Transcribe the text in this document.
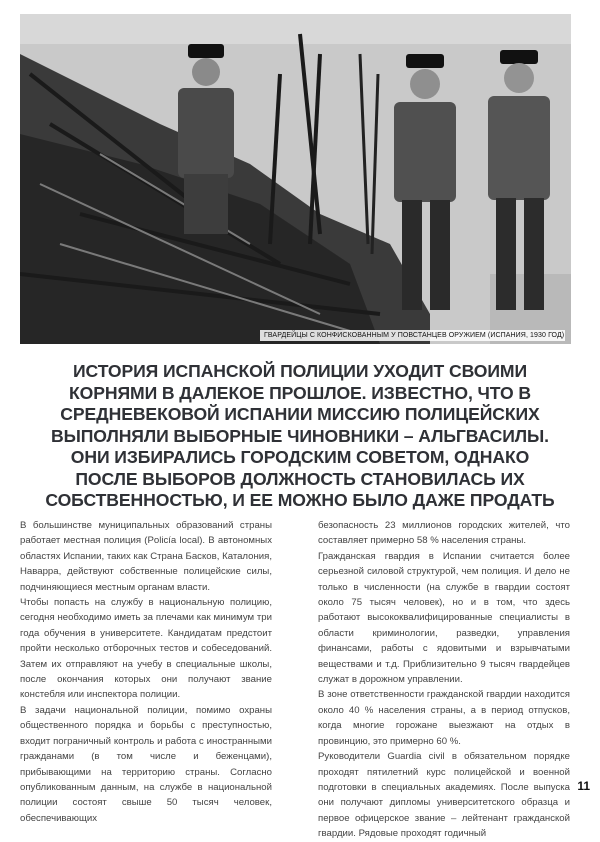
ГВАРДЕЙЦЫ С КОНФИСКОВАННЫМ У ПОВСТАНЦЕВ ОРУЖИЕМ (ИСПАНИЯ, 1930 ГОД)
ИСТОРИЯ ИСПАНСКОЙ ПОЛИЦИИ УХОДИТ СВОИМИ КОРНЯМИ В ДАЛЕКОЕ ПРОШЛОЕ. ИЗВЕСТНО, ЧТО В СРЕДНЕВЕКОВОЙ ИСПАНИИ МИССИЮ ПОЛИЦЕЙСКИХ ВЫПОЛНЯЛИ ВЫБОРНЫЕ ЧИНОВНИКИ – АЛЬГВАСИЛЫ. ОНИ ИЗБИРАЛИСЬ ГОРОДСКИМ СОВЕТОМ, ОДНАКО ПОСЛЕ ВЫБОРОВ ДОЛЖНОСТЬ СТАНОВИЛАСЬ ИХ СОБСТВЕННОСТЬЮ, И ЕЕ МОЖНО БЫЛО ДАЖЕ ПРОДАТЬ

В большинстве муниципальных образований страны работает местная полиция (Policía local). В автономных областях Испании, таких как Страна Басков, Каталония, Наварра, действуют собственные полицейские силы, подчиняющиеся местным органам власти.

Чтобы попасть на службу в национальную полицию, сегодня необходимо иметь за плечами как минимум три года обучения в университете. Кандидатам предстоит пройти несколько отборочных тестов и собеседований. Затем их отправляют на учебу в специальные школы, после окончания которых они получают звание констебля или инспектора полиции.

В задачи национальной полиции, помимо охраны общественного порядка и борьбы с преступностью, входит пограничный контроль и работа с иностранными гражданами (в том числе и беженцами), прибывающими на территорию страны. Согласно опубликованным данным, на службе в национальной полиции состоят свыше 50 тысяч человек, обеспечивающих

безопасность 23 миллионов городских жителей, что составляет примерно 58 % населения страны.

Гражданская гвардия в Испании считается более серьезной силовой структурой, чем полиция. И дело не только в численности (на службе в гвардии состоят около 75 тысяч человек), но и в том, что здесь работают высококвалифицированные специалисты в области криминологии, разведки, управления финансами, работы с ядовитыми и взрывчатыми веществами и т.д. Приблизительно 9 тысяч гвардейцев служат в дорожном управлении.

В зоне ответственности гражданской гвардии находится около 40 % населения страны, а в период отпусков, когда многие горожане выезжают на отдых в провинцию, это примерно 60 %.

Руководители Guardia civil в обязательном порядке проходят пятилетний курс полицейской и военной подготовки в специальных академиях. После выпуска они получают дипломы университетского образца и первое офицерское звание – лейтенант гражданской гвардии. Рядовые проходят годичный

11
